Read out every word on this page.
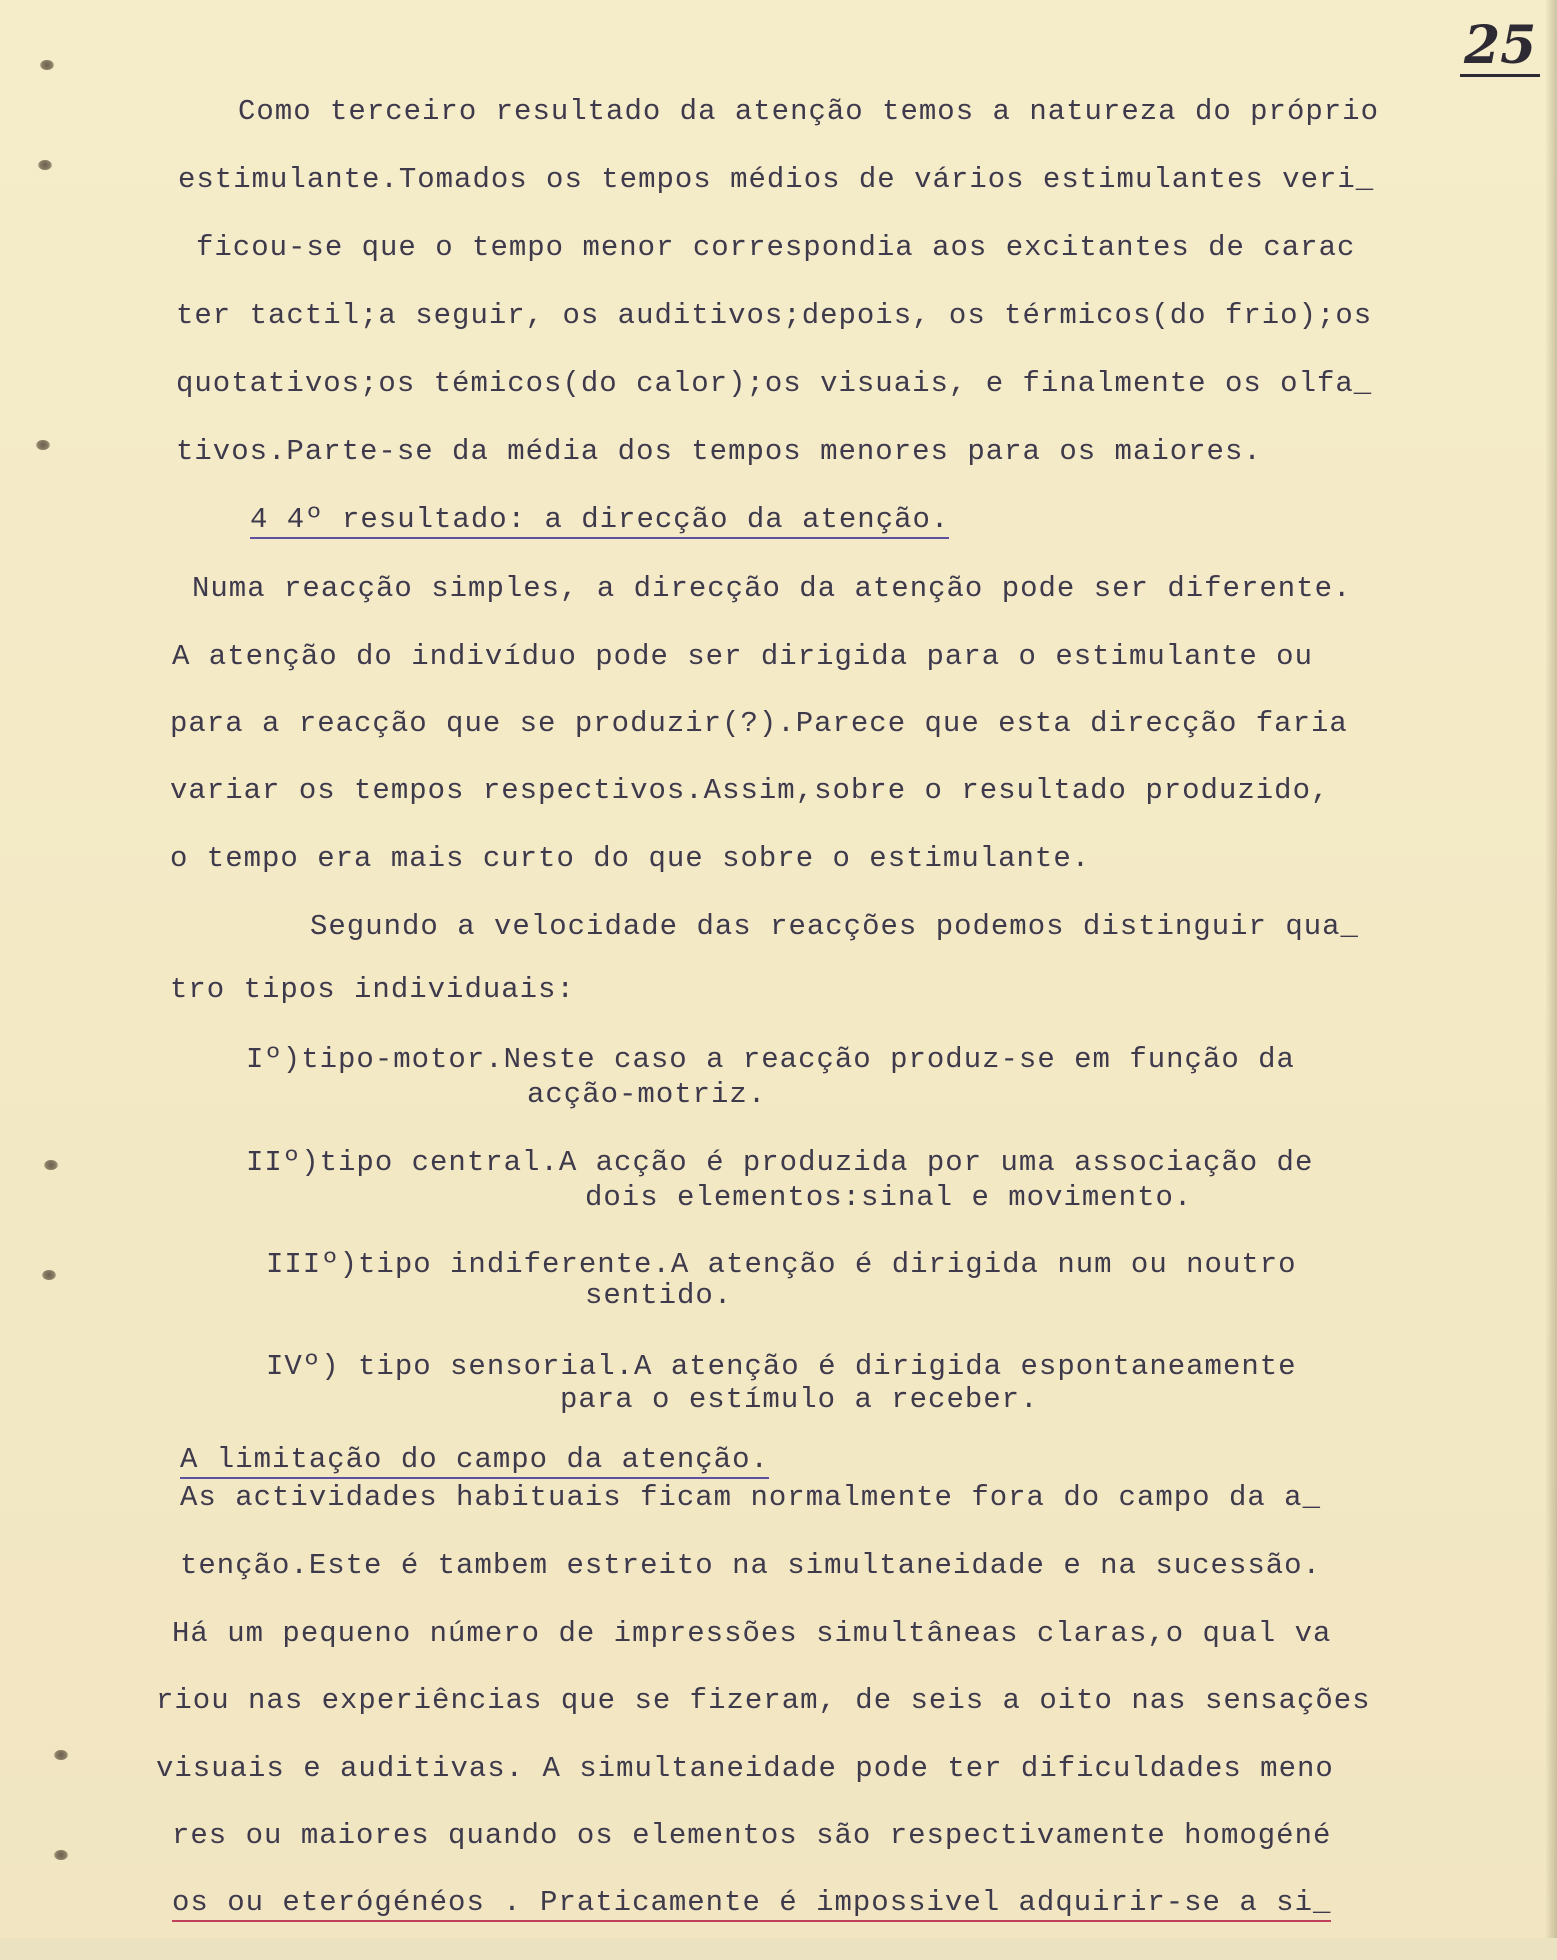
25
Como terceiro resultado da atenção temos a natureza do próprio
estimulante.Tomados os tempos médios de vários estimulantes veri_
ficou-se que o tempo menor correspondia aos excitantes de carac
ter tactil;a seguir, os auditivos;depois, os térmicos(do frio);os
quotativos;os témicos(do calor);os visuais, e finalmente os olfa_
tivos.Parte-se da média dos tempos menores para os maiores.
4 4º resultado: a direcção da atenção.
Numa reacção simples, a direcção da atenção pode ser diferente.
A atenção do indivíduo pode ser dirigida para o estimulante ou
para a reacção que se produzir(?).Parece que esta direcção faria
variar os tempos respectivos.Assim,sobre o resultado produzido,
o tempo era mais curto do que sobre o estimulante.
Segundo a velocidade das reacções podemos distinguir qua_
tro tipos individuais:
Iº)tipo-motor.Neste caso a reacção produz-se em função da
acção-motriz.
IIº)tipo central.A acção é produzida por uma associação de
dois elementos:sinal e movimento.
IIIº)tipo indiferente.A atenção é dirigida num ou noutro
sentido.
IVº) tipo sensorial.A atenção é dirigida espontaneamente
para o estímulo a receber.
A limitação do campo da atenção.
As actividades habituais ficam normalmente fora do campo da a_
tenção.Este é tambem estreito na simultaneidade e na sucessão.
Há um pequeno número de impressões simultâneas claras,o qual va
riou nas experiências que se fizeram, de seis a oito nas sensações
visuais e auditivas. A simultaneidade pode ter dificuldades meno
res ou maiores quando os elementos são respectivamente homogéné
os ou eterógénéos . Praticamente é impossivel adquirir-se a si_
